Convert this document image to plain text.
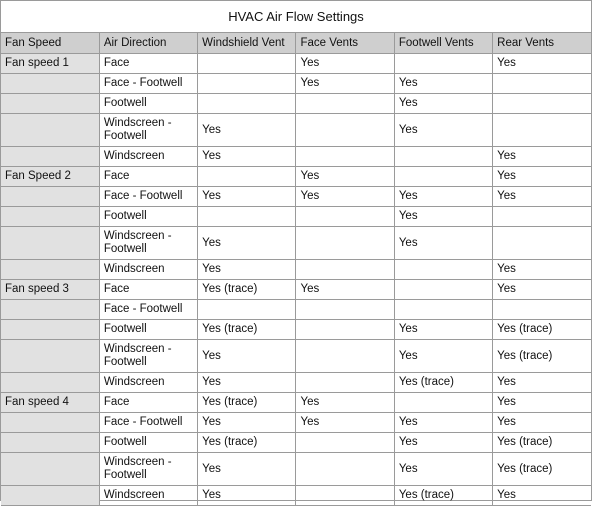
HVAC Air Flow Settings
Fan Speed	Air Direction	Windshield Vent	Face Vents	Footwell Vents	Rear Vents
Fan speed 1	Face		Yes		Yes
	Face - Footwell		Yes	Yes	
	Footwell			Yes	
	Windscreen - Footwell	Yes		Yes	
	Windscreen	Yes			Yes
Fan Speed 2	Face		Yes		Yes
	Face - Footwell	Yes	Yes	Yes	Yes
	Footwell			Yes	
	Windscreen - Footwell	Yes		Yes	
	Windscreen	Yes			Yes
Fan speed 3	Face	Yes (trace)	Yes		Yes
	Face - Footwell				
	Footwell	Yes (trace)		Yes	Yes (trace)
	Windscreen - Footwell	Yes		Yes	Yes (trace)
	Windscreen	Yes		Yes (trace)	Yes
Fan speed 4	Face	Yes (trace)	Yes		Yes
	Face - Footwell	Yes	Yes	Yes	Yes
	Footwell	Yes (trace)		Yes	Yes (trace)
	Windscreen - Footwell	Yes		Yes	Yes (trace)
	Windscreen	Yes		Yes (trace)	Yes
